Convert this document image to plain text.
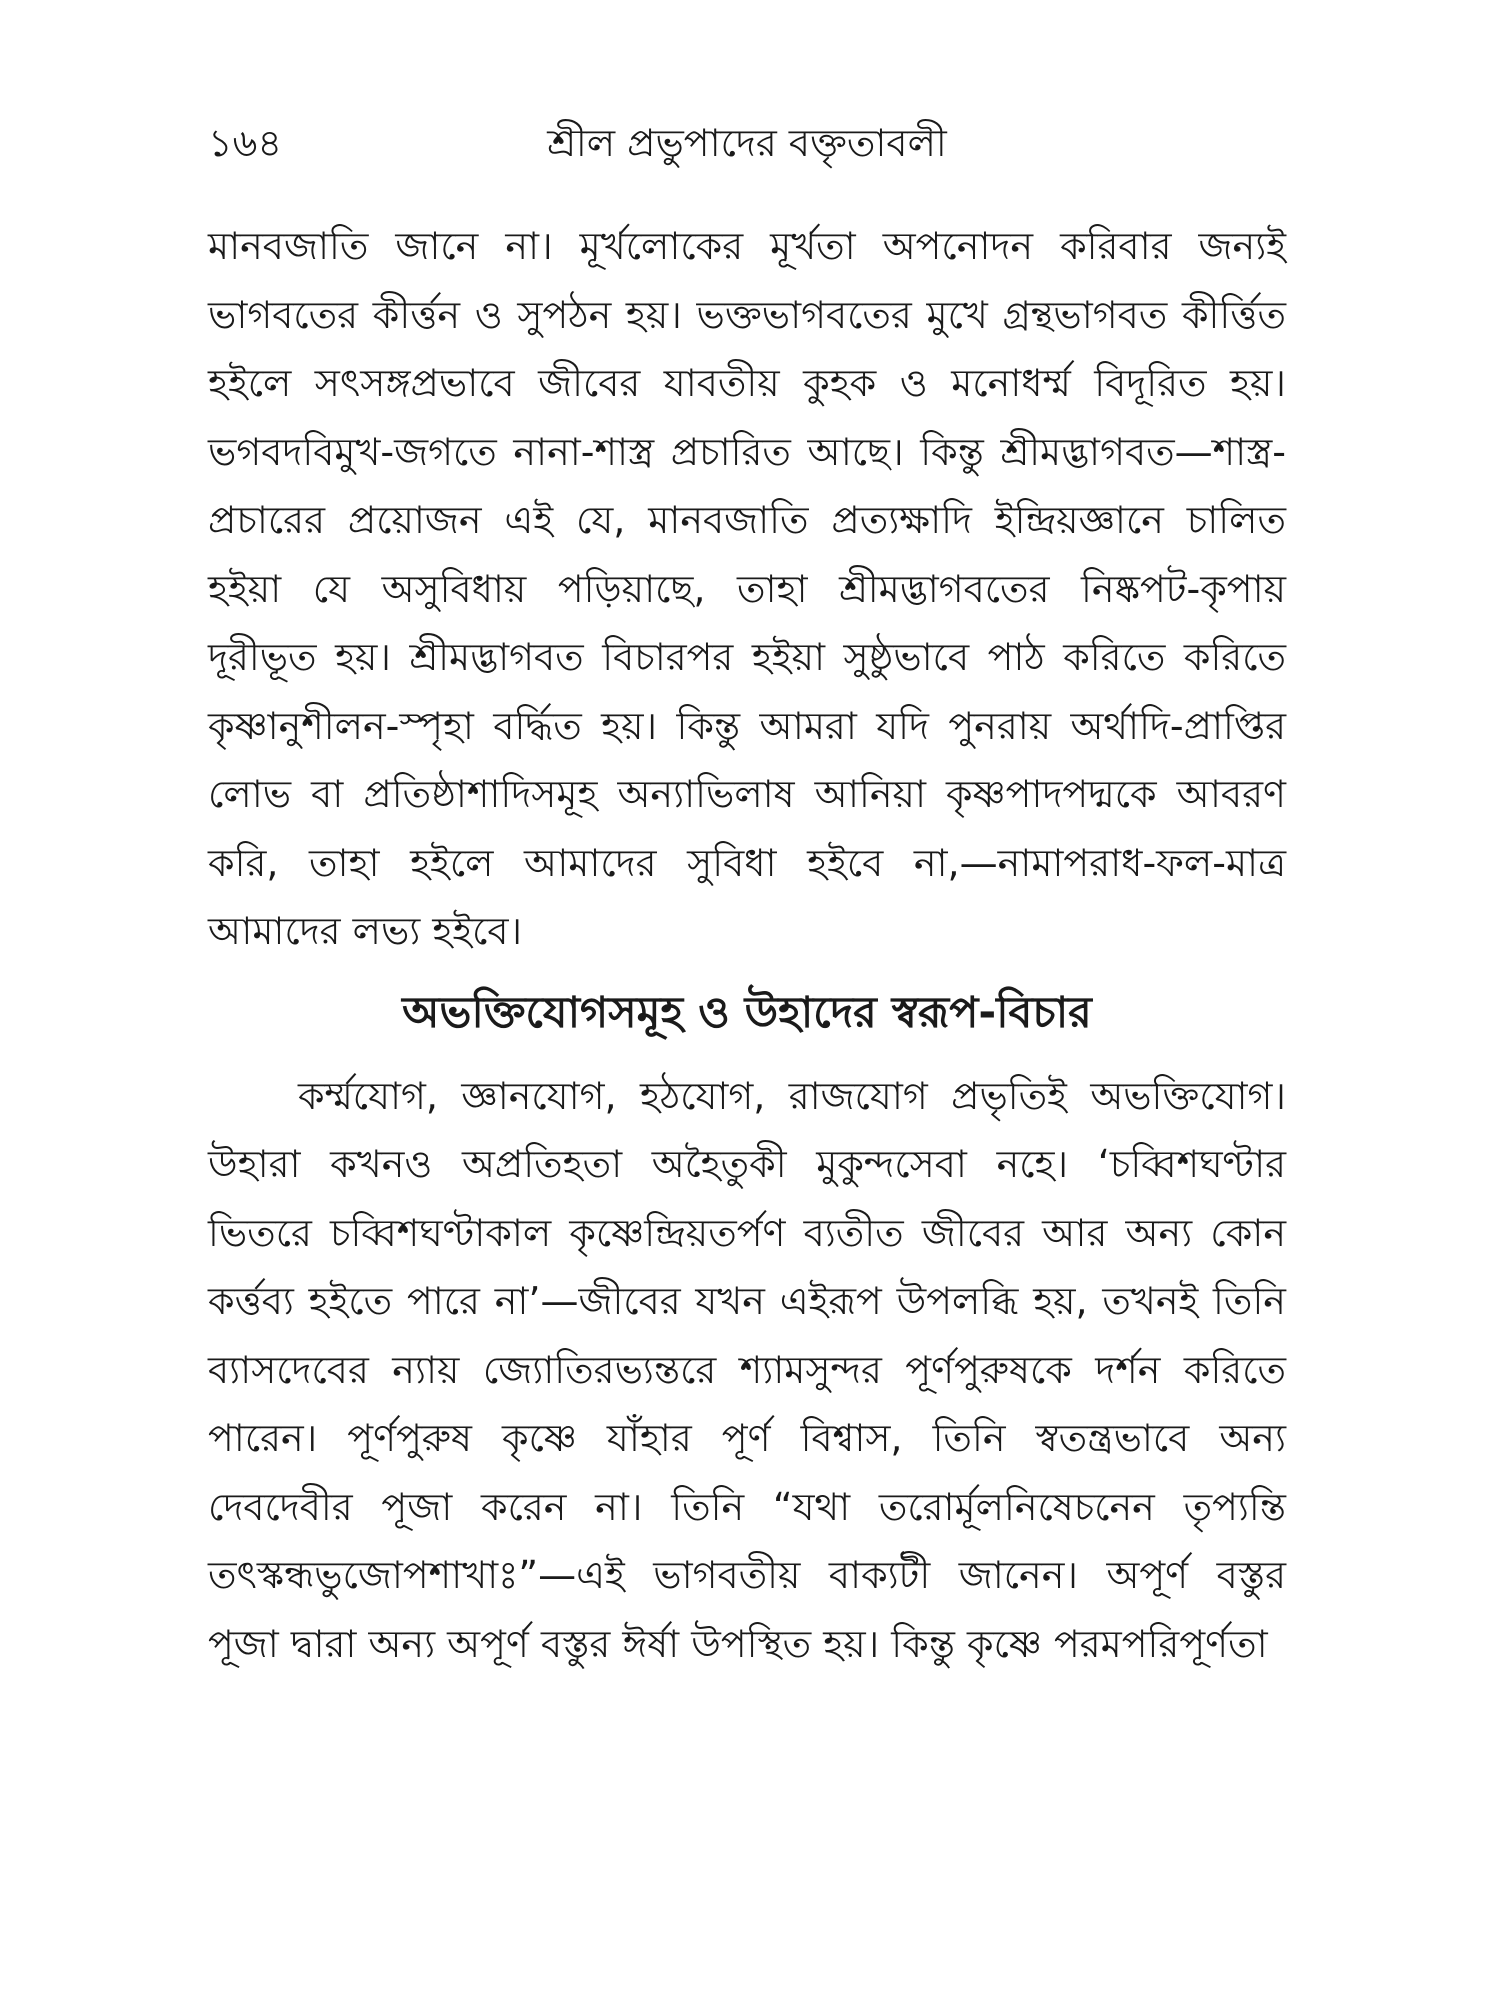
১৬৪	শ্রীল প্রভুপাদের বক্তৃতাবলী

মানবজাতি জানে না। মূর্খলোকের মূর্খতা অপনোদন করিবার জন্যই ভাগবতের কীর্ত্তন ও সুপঠন হয়। ভক্তভাগবতের মুখে গ্রন্থভাগবত কীর্ত্তিত হইলে সৎসঙ্গপ্রভাবে জীবের যাবতীয় কুহক ও মনোধর্ম্ম বিদূরিত হয়। ভগবদবিমুখ-জগতে নানা-শাস্ত্র প্রচারিত আছে। কিন্তু শ্রীমদ্ভাগবত—শাস্ত্র-প্রচারের প্রয়োজন এই যে, মানবজাতি প্রত্যক্ষাদি ইন্দ্রিয়জ্ঞানে চালিত হইয়া যে অসুবিধায় পড়িয়াছে, তাহা শ্রীমদ্ভাগবতের নিষ্কপট-কৃপায় দূরীভূত হয়। শ্রীমদ্ভাগবত বিচারপর হইয়া সুষ্ঠুভাবে পাঠ করিতে করিতে কৃষ্ণানুশীলন-স্পৃহা বর্দ্ধিত হয়। কিন্তু আমরা যদি পুনরায় অর্থাদি-প্রাপ্তির লোভ বা প্রতিষ্ঠাশাদিসমূহ অন্যাভিলাষ আনিয়া কৃষ্ণপাদপদ্মকে আবরণ করি, তাহা হইলে আমাদের সুবিধা হইবে না,—নামাপরাধ-ফল-মাত্র আমাদের লভ্য হইবে।

অভক্তিযোগসমূহ ও উহাদের স্বরূপ-বিচার

কর্ম্মযোগ, জ্ঞানযোগ, হঠযোগ, রাজযোগ প্রভৃতিই অভক্তিযোগ। উহারা কখনও অপ্রতিহতা অহৈতুকী মুকুন্দসেবা নহে। ‘চব্বিশঘণ্টার ভিতরে চব্বিশঘণ্টাকাল কৃষ্ণেন্দ্রিয়তর্পণ ব্যতীত জীবের আর অন্য কোন কর্ত্তব্য হইতে পারে না’—জীবের যখন এইরূপ উপলব্ধি হয়, তখনই তিনি ব্যাসদেবের ন্যায় জ্যোতিরভ্যন্তরে শ্যামসুন্দর পূর্ণপুরুষকে দর্শন করিতে পারেন। পূর্ণপুরুষ কৃষ্ণে যাঁহার পূর্ণ বিশ্বাস, তিনি স্বতন্ত্রভাবে অন্য দেবদেবীর পূজা করেন না। তিনি “যথা তরোর্মূলনিষেচনেন তৃপ্যন্তি তৎস্কন্ধভুজোপশাখাঃ”—এই ভাগবতীয় বাক্যটী জানেন। অপূর্ণ বস্তুর পূজা দ্বারা অন্য অপূর্ণ বস্তুর ঈর্ষা উপস্থিত হয়। কিন্তু কৃষ্ণে পরমপরিপূর্ণতা
